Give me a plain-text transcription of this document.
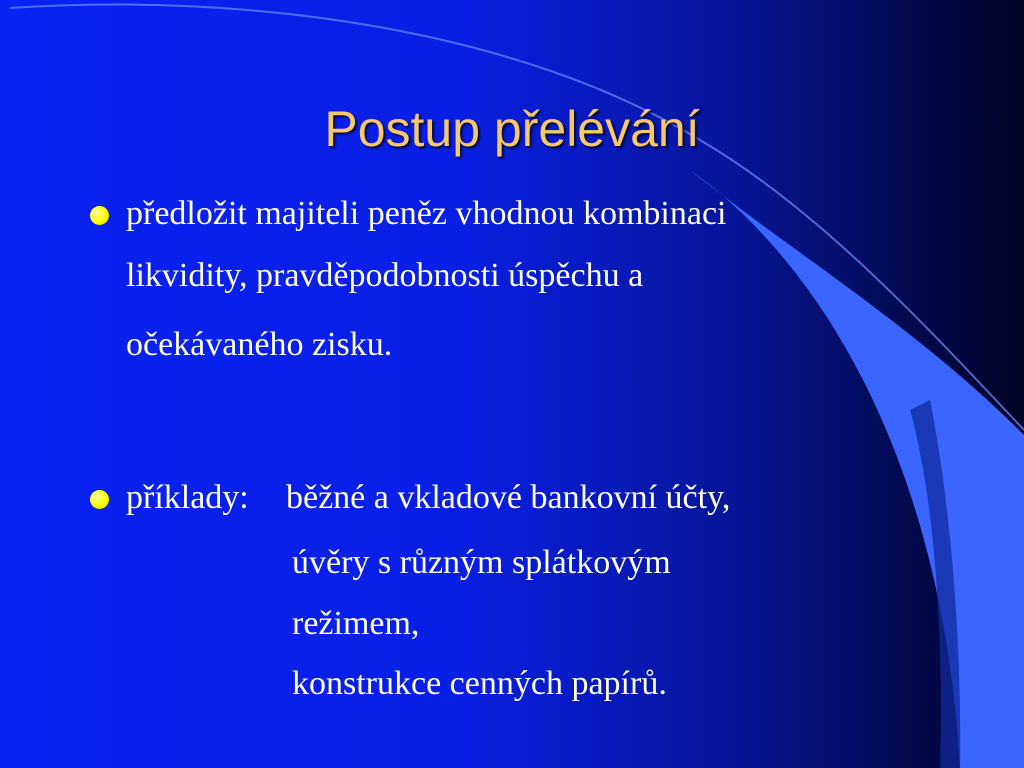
Postup přelévání
předložit majiteli peněz vhodnou kombinaci
likvidity, pravděpodobnosti úspěchu a
očekávaného zisku.
příklady: běžné a vkladové bankovní účty,
úvěry s různým splátkovým
režimem,
konstrukce cenných papírů.
